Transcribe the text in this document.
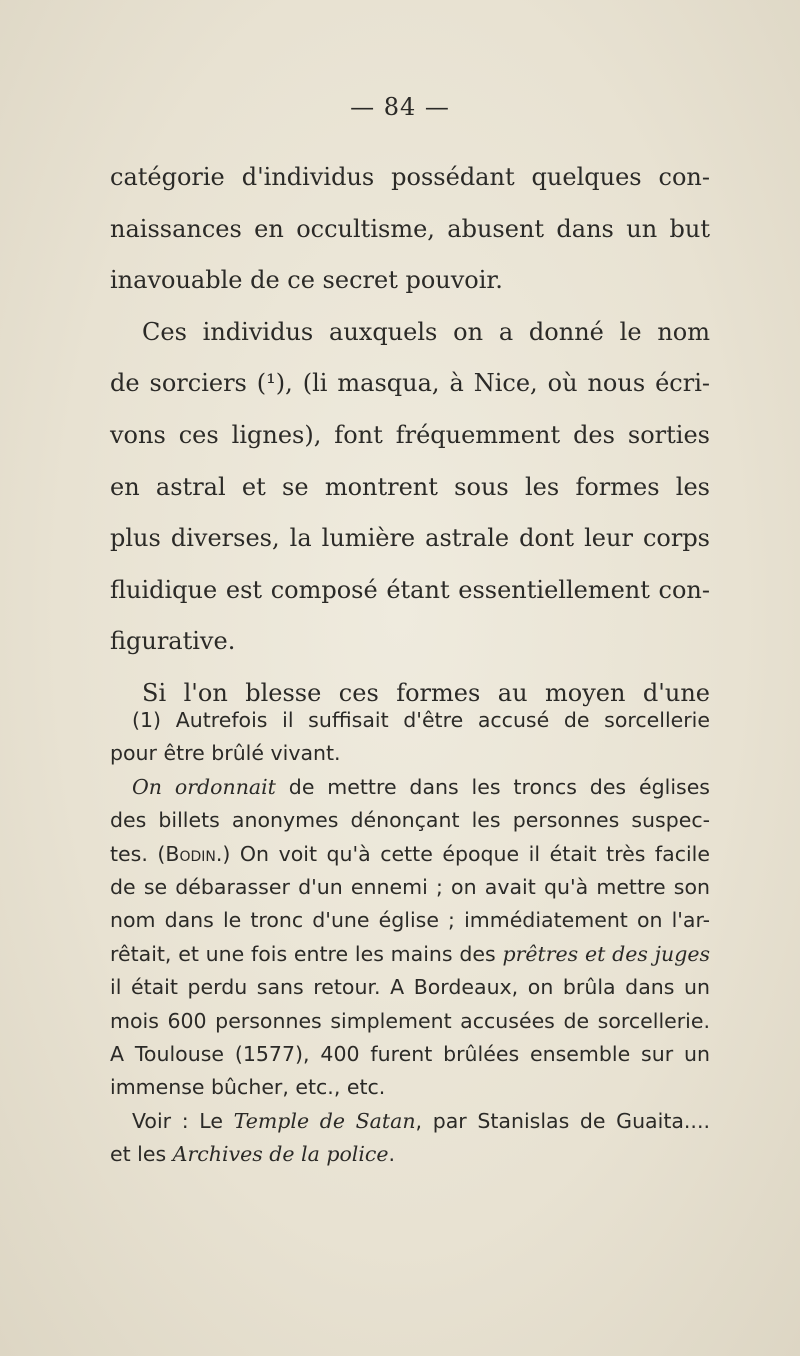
— 84 —
catégorie d'individus possédant quelques con-
naissances en occultisme, abusent dans un but
inavouable de ce secret pouvoir.
Ces individus auxquels on a donné le nom
de sorciers (¹), (li masqua, à Nice, où nous écri-
vons ces lignes), font fréquemment des sorties
en astral et se montrent sous les formes les
plus diverses, la lumière astrale dont leur corps
fluidique est composé étant essentiellement con-
figurative.
Si l'on blesse ces formes au moyen d'une
(1) Autrefois il suffisait d'être accusé de sorcellerie
pour être brûlé vivant.
On ordonnait de mettre dans les troncs des églises
des billets anonymes dénonçant les personnes suspec-
tes. (Bodin.) On voit qu'à cette époque il était très facile
de se débarasser d'un ennemi ; on avait qu'à mettre son
nom dans le tronc d'une église ; immédiatement on l'ar-
rêtait, et une fois entre les mains des prêtres et des juges
il était perdu sans retour. A Bordeaux, on brûla dans un
mois 600 personnes simplement accusées de sorcellerie.
A Toulouse (1577), 400 furent brûlées ensemble sur un
immense bûcher, etc., etc.
Voir : Le Temple de Satan, par Stanislas de Guaita....
et les Archives de la police.
